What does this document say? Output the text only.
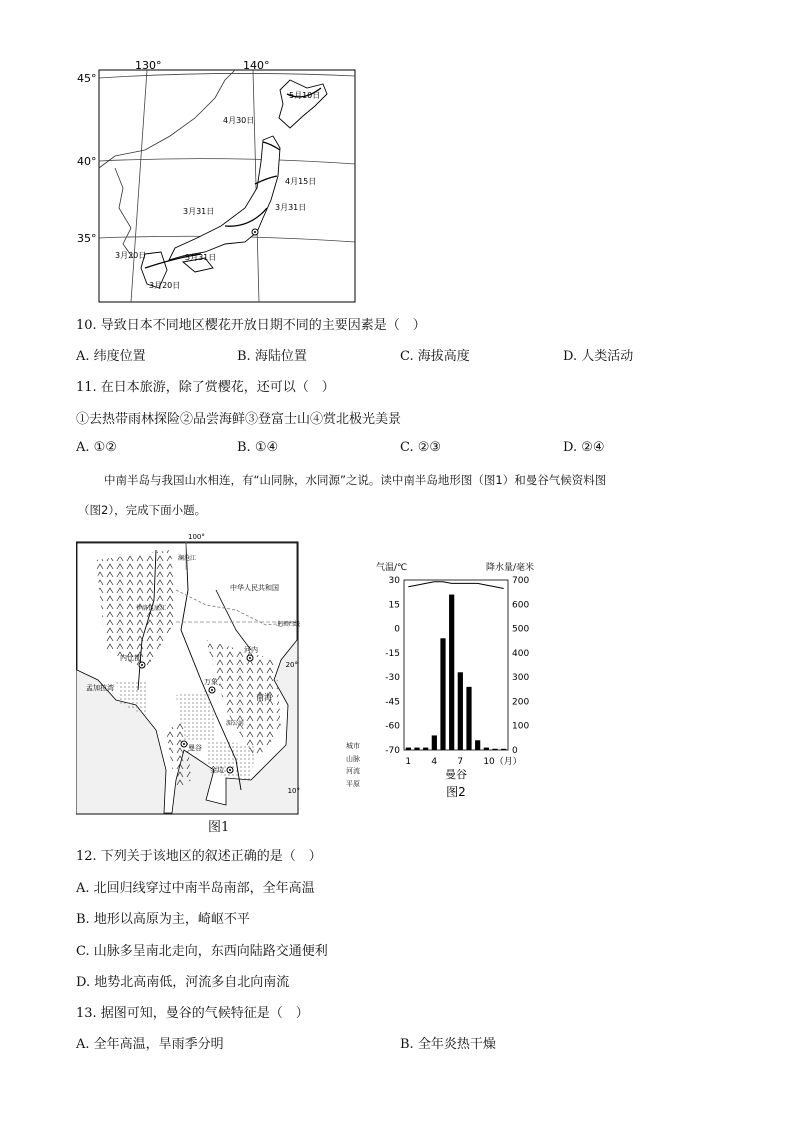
130°	140°
45°
40°
35°
5月10日
4月30日
4月15日
3月31日	3月31日
3月31日
3月20日
3月20日
10. 导致日本不同地区樱花开放日期不同的主要因素是（　）
A. 纬度位置	B. 海陆位置	C. 海拔高度	D. 人类活动
11. 在日本旅游，除了赏樱花，还可以（　）
①去热带雨林探险②品尝海鲜③登富士山④赏北极光美景
A. ①②	B. ①④	C. ②③	D. ②④
中南半岛与我国山水相连，有“山同脉，水同源”之说。读中南半岛地形图（图1）和曼谷气候资料图
（图2），完成下面小题。
100°
20°
10°
中华人民共和国
北回归线
南海
孟加拉湾
内比都
万象
曼谷
金边
河内
澜沧江
伊洛瓦底江
湄公河
城市
山脉
河流
平原
图1
气温/℃	降水量/毫米
30
15
0
-15
-30
-45
-60
-70
700
600
500
400
300
200
100
0
1 4 7 10（月）
曼谷
图2
12. 下列关于该地区的叙述正确的是（　）
A. 北回归线穿过中南半岛南部，全年高温
B. 地形以高原为主，崎岖不平
C. 山脉多呈南北走向，东西向陆路交通便利
D. 地势北高南低，河流多自北向南流
13. 据图可知，曼谷的气候特征是（　）
A. 全年高温，旱雨季分明	B. 全年炎热干燥
